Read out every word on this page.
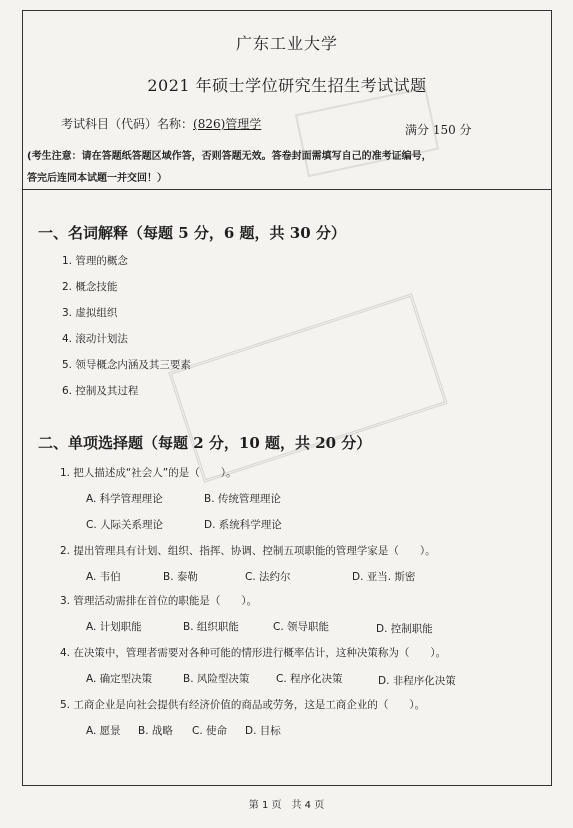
广东工业大学
2021 年硕士学位研究生招生考试试题
考试科目（代码）名称：(826)管理学	满分 150 分
(考生注意：请在答题纸答题区域作答，否则答题无效。答卷封面需填写自己的准考证编号，
答完后连同本试题一并交回！）
一、名词解释（每题 5 分，6 题，共 30 分）
1. 管理的概念
2. 概念技能
3. 虚拟组织
4. 滚动计划法
5. 领导概念内涵及其三要素
6. 控制及其过程
二、单项选择题（每题 2 分，10 题，共 20 分）
1. 把人描述成“社会人”的是（　　）。
A. 科学管理理论	B. 传统管理理论
C. 人际关系理论	D. 系统科学理论
2. 提出管理具有计划、组织、指挥、协调、控制五项职能的管理学家是（　　）。
A. 韦伯	B. 泰勒	C. 法约尔	D. 亚当. 斯密
3. 管理活动需排在首位的职能是（　　）。
A. 计划职能	B. 组织职能	C. 领导职能	D. 控制职能
4. 在决策中，管理者需要对各种可能的情形进行概率估计，这种决策称为（　　）。
A. 确定型决策	B. 风险型决策	C. 程序化决策	D. 非程序化决策
5. 工商企业是向社会提供有经济价值的商品或劳务，这是工商企业的（　　）。
A. 愿景 B. 战略 C. 使命 D. 目标
第 1 页　共 4 页
